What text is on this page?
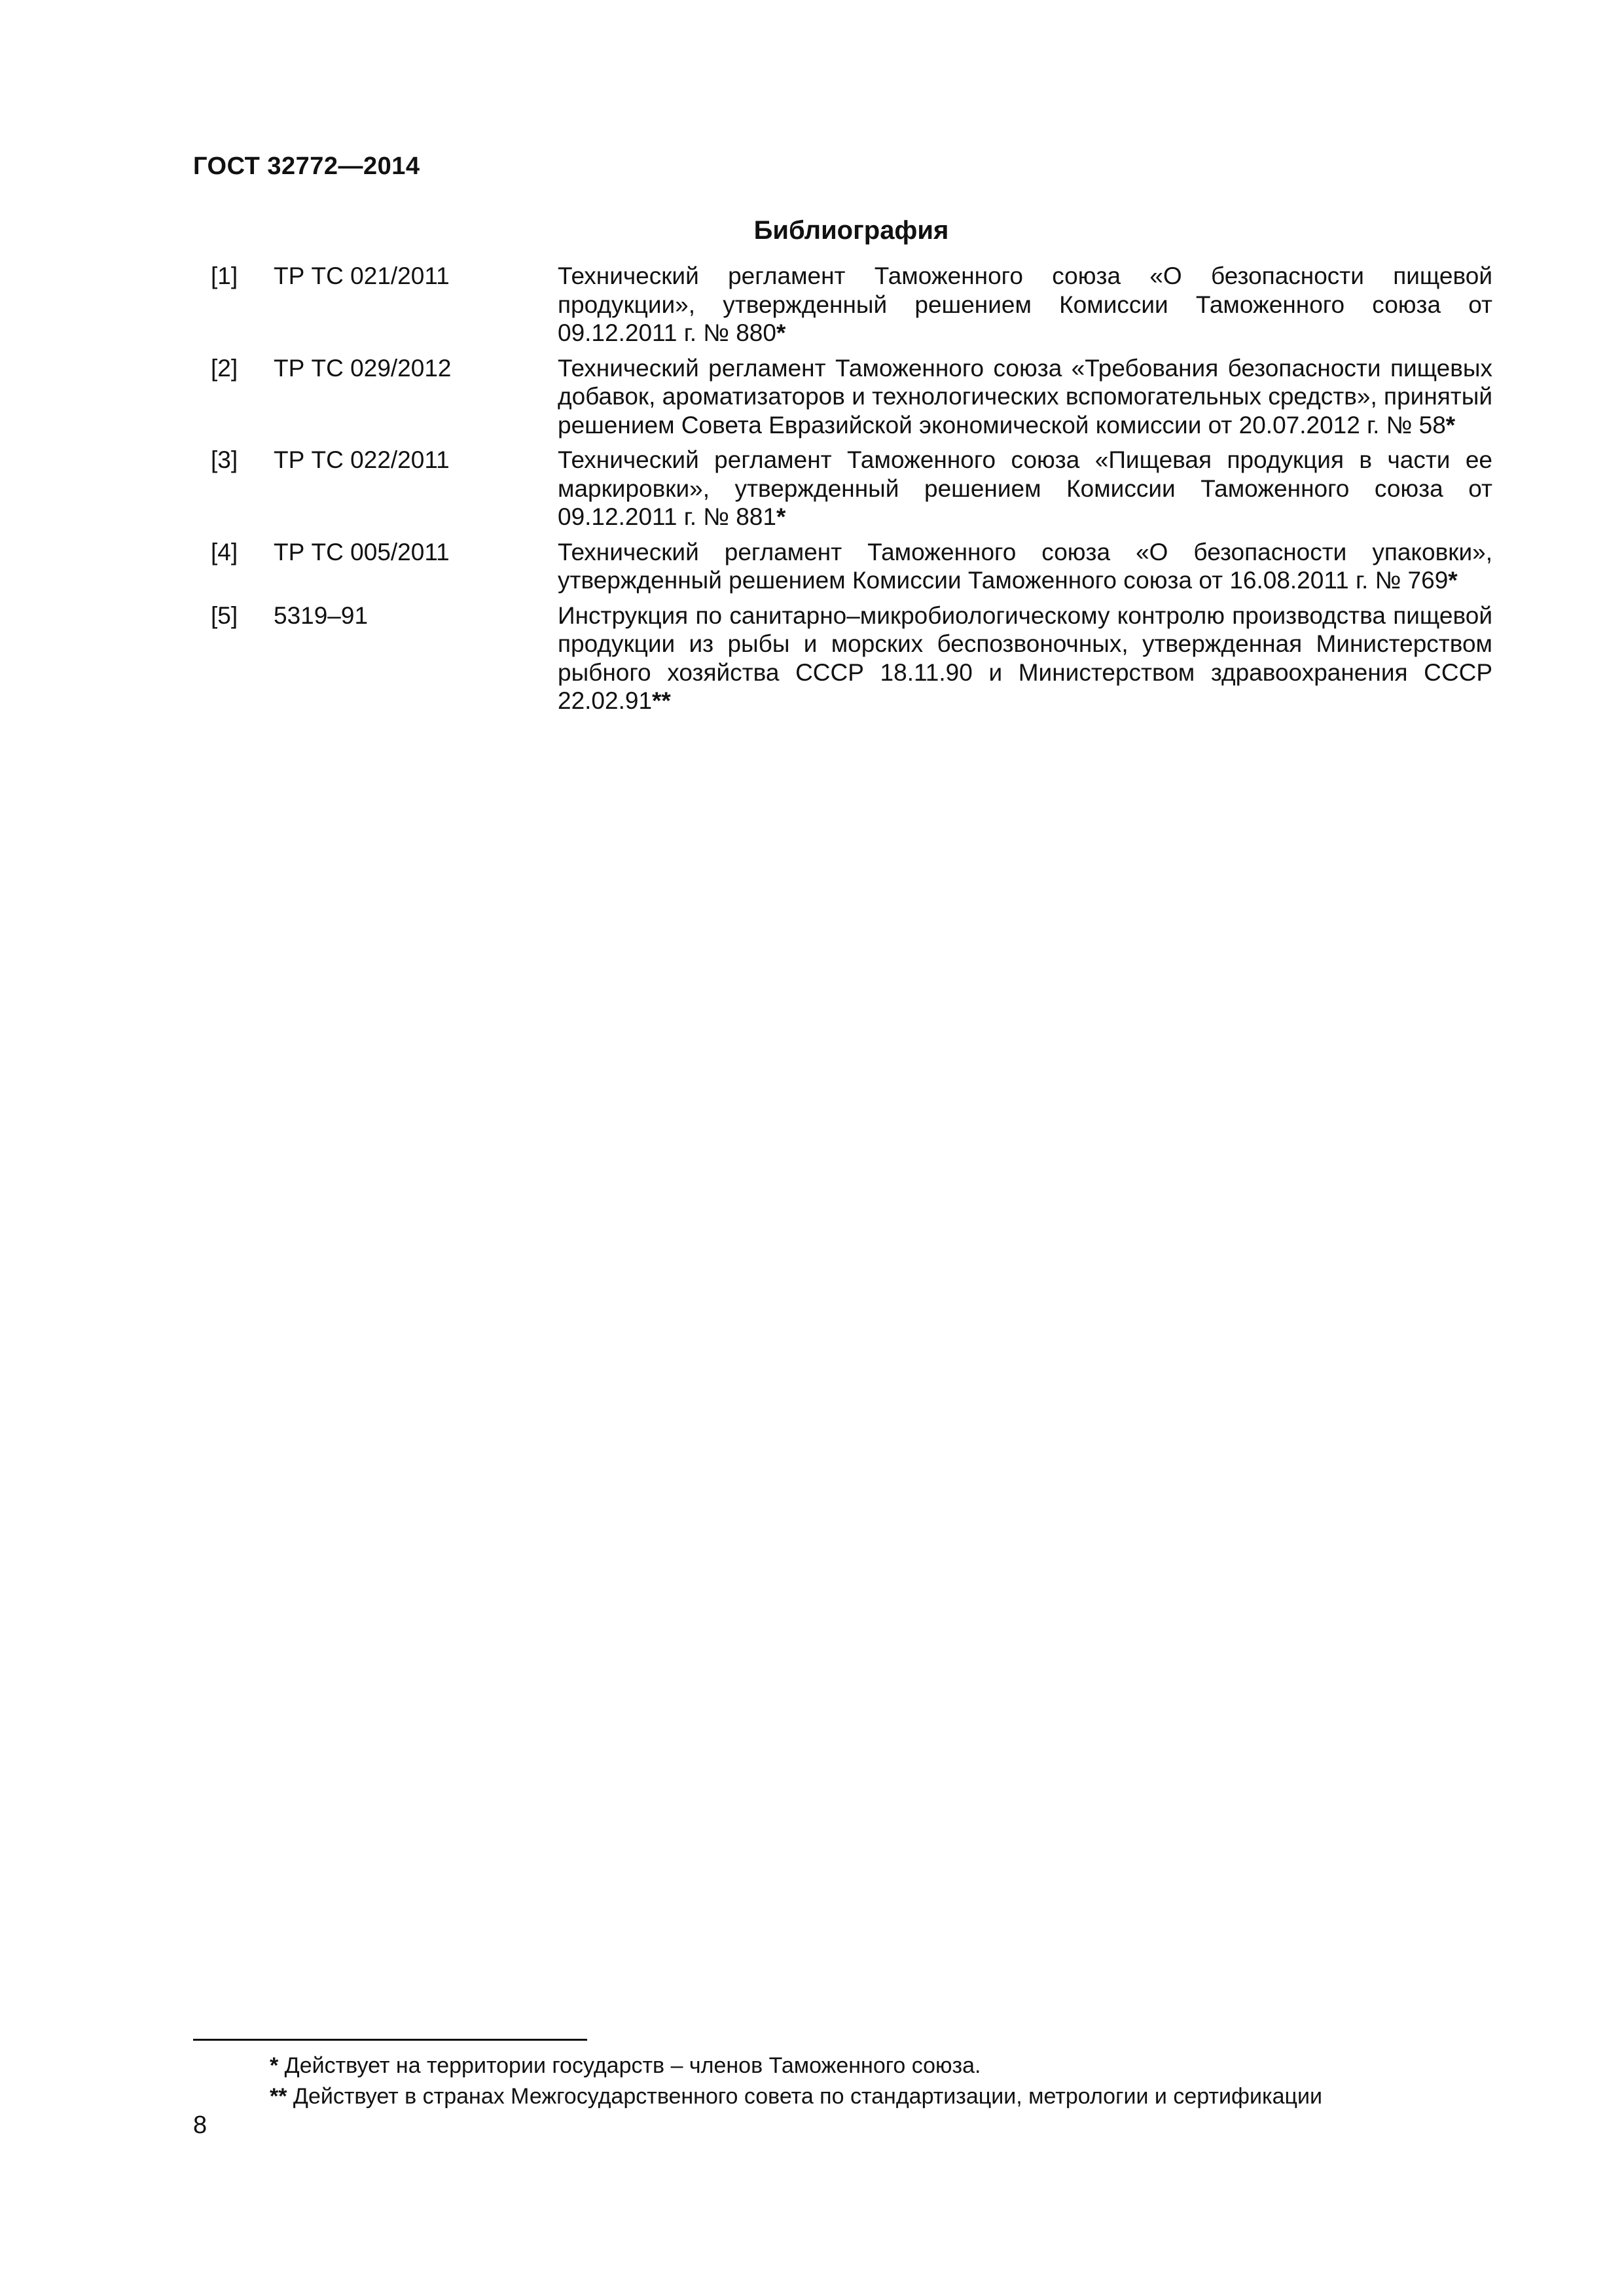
ГОСТ 32772—2014
Библиография
[1] ТР ТС 021/2011	Технический регламент Таможенного союза «О безопасности пищевой продукции», утвержденный решением Комиссии Таможенного союза от 09.12.2011 г. № 880*
[2] ТР ТС 029/2012	Технический регламент Таможенного союза «Требования безопасности пищевых добавок, ароматизаторов и технологических вспомогательных средств», принятый решением Совета Евразийской экономической комиссии от 20.07.2012 г. № 58*
[3] ТР ТС 022/2011	Технический регламент Таможенного союза «Пищевая продукция в части ее маркировки», утвержденный решением Комиссии Таможенного союза от 09.12.2011 г. № 881*
[4] ТР ТС 005/2011	Технический регламент Таможенного союза «О безопасности упаковки», утвержденный решением Комиссии Таможенного союза от 16.08.2011 г. № 769*
[5] 5319–91	Инструкция по санитарно–микробиологическому контролю производства пищевой продукции из рыбы и морских беспозвоночных, утвержденная Министерством рыбного хозяйства СССР 18.11.90 и Министерством здравоохранения СССР 22.02.91**
* Действует на территории государств – членов Таможенного союза.
** Действует в странах Межгосударственного совета по стандартизации, метрологии и сертификации
8
